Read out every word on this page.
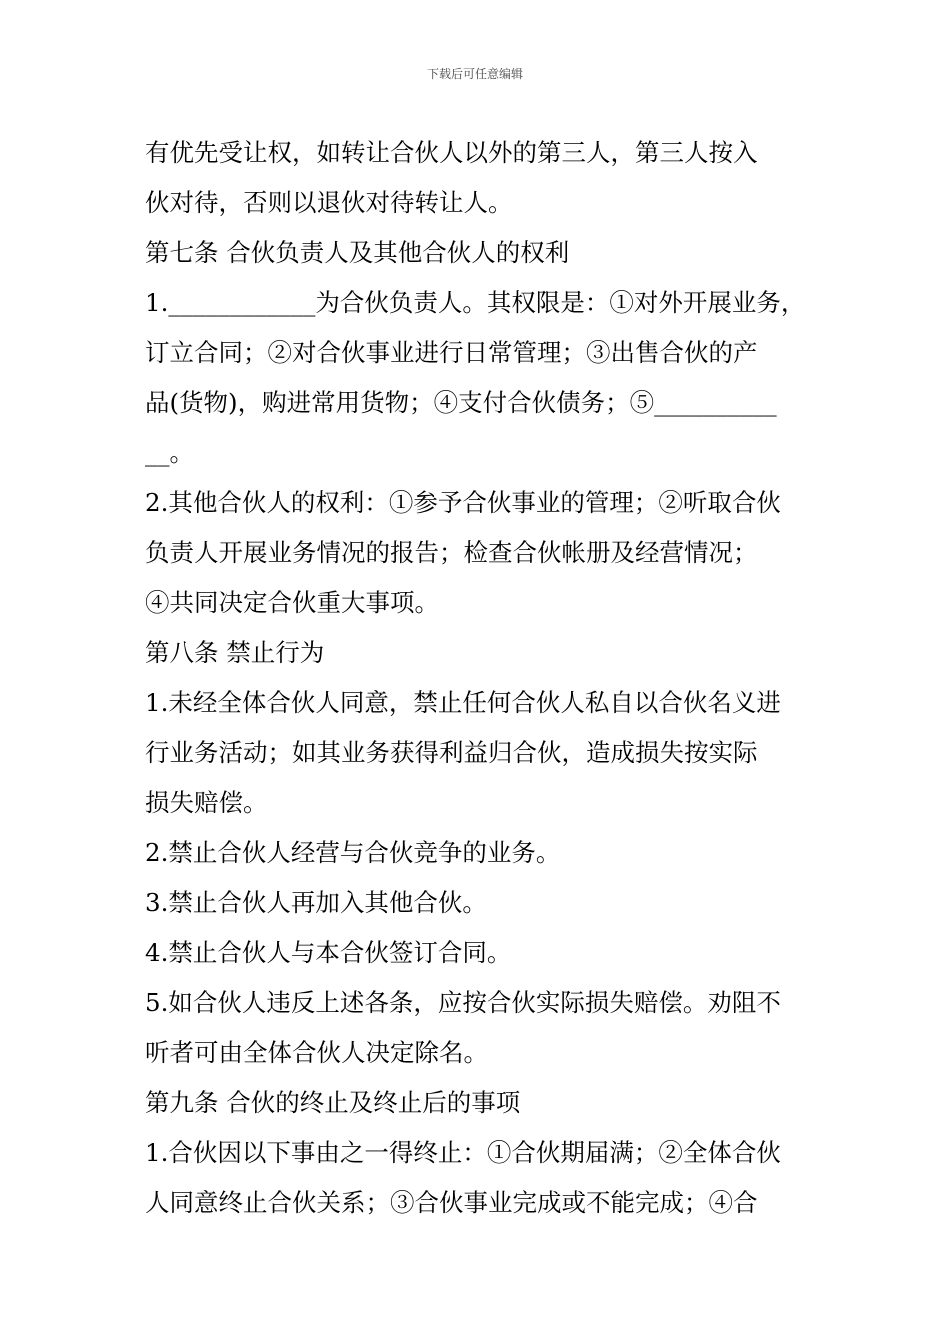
下载后可任意编辑

有优先受让权，如转让合伙人以外的第三人，第三人按入

伙对待，否则以退伙对待转让人。

第七条 合伙负责人及其他合伙人的权利

1.____________为合伙负责人。其权限是：①对外开展业务，

订立合同；②对合伙事业进行日常管理；③出售合伙的产

品(货物)，购进常用货物；④支付合伙债务；⑤__________

__。

2.其他合伙人的权利：①参予合伙事业的管理；②听取合伙

负责人开展业务情况的报告；检查合伙帐册及经营情况；

④共同决定合伙重大事项。

第八条 禁止行为

1.未经全体合伙人同意，禁止任何合伙人私自以合伙名义进

行业务活动；如其业务获得利益归合伙，造成损失按实际

损失赔偿。

2.禁止合伙人经营与合伙竞争的业务。

3.禁止合伙人再加入其他合伙。

4.禁止合伙人与本合伙签订合同。

5.如合伙人违反上述各条，应按合伙实际损失赔偿。劝阻不

听者可由全体合伙人决定除名。

第九条 合伙的终止及终止后的事项

1.合伙因以下事由之一得终止：①合伙期届满；②全体合伙

人同意终止合伙关系；③合伙事业完成或不能完成；④合
